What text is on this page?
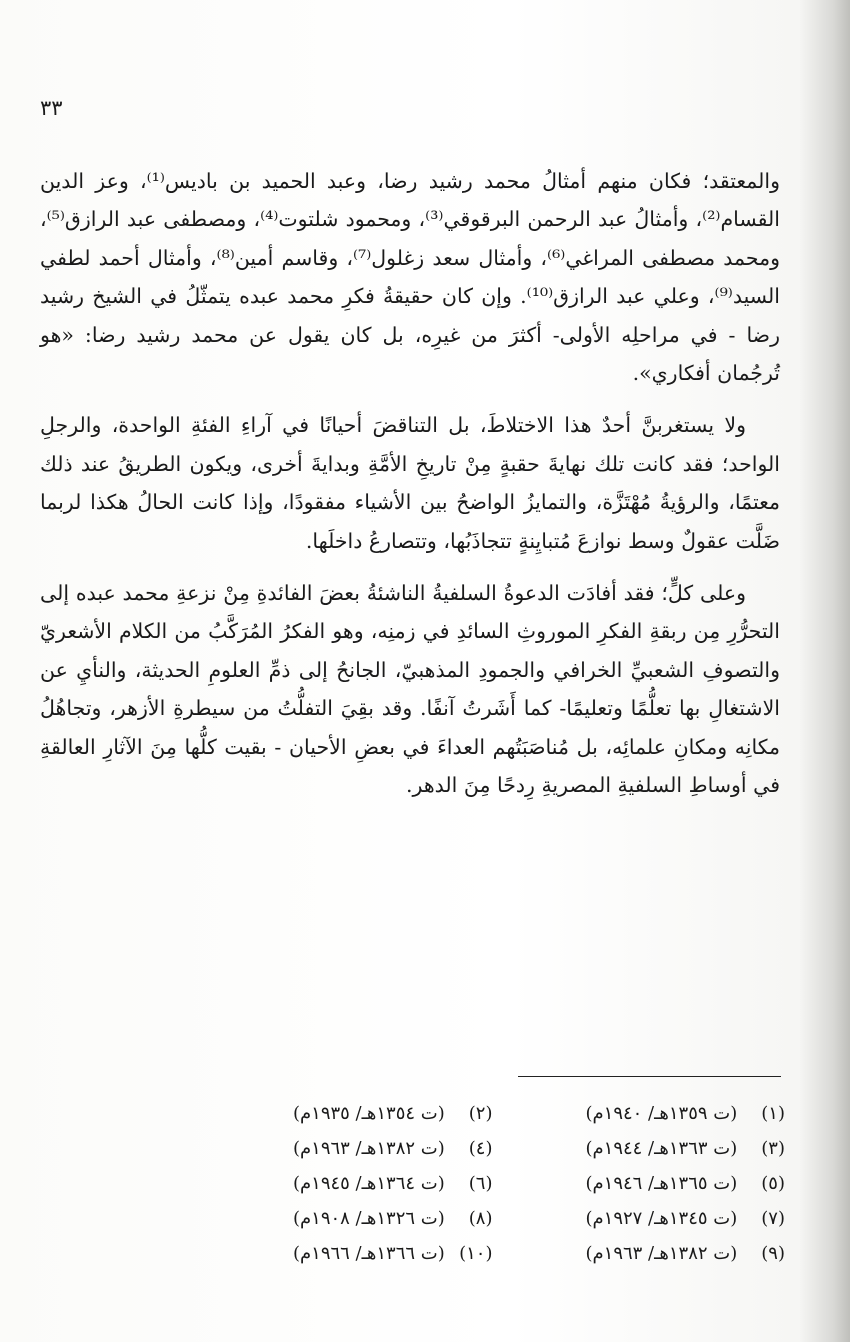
٣٣

والمعتقد؛ فكان منهم أمثالُ محمد رشيد رضا، وعبد الحميد بن باديس⁽¹⁾، وعز الدين القسام⁽²⁾، وأمثالُ عبد الرحمن البرقوقي⁽³⁾، ومحمود شلتوت⁽⁴⁾، ومصطفى عبد الرازق⁽⁵⁾، ومحمد مصطفى المراغي⁽⁶⁾، وأمثال سعد زغلول⁽⁷⁾، وقاسم أمين⁽⁸⁾، وأمثال أحمد لطفي السيد⁽⁹⁾، وعلي عبد الرازق⁽¹⁰⁾. وإن كان حقيقةُ فكرِ محمد عبده يتمثّلُ في الشيخ رشيد رضا - في مراحلِه الأولى- أكثرَ من غيرِه، بل كان يقول عن محمد رشيد رضا: «هو تُرجُمان أفكاري».

ولا يستغربنَّ أحدٌ هذا الاختلاطَ، بل التناقضَ أحيانًا في آراءِ الفئةِ الواحدة، والرجلِ الواحد؛ فقد كانت تلك نهايةَ حقبةٍ مِنْ تاريخِ الأمَّةِ وبدايةَ أخرى، ويكون الطريقُ عند ذلك معتمًا، والرؤيةُ مُهْتَزَّة، والتمايزُ الواضحُ بين الأشياء مفقودًا، وإذا كانت الحالُ هكذا لربما ضَلَّت عقولٌ وسط نوازعَ مُتبايِنةٍ تتجاذَبُها، وتتصارعُ داخلَها.

وعلى كلٍّ؛ فقد أفادَت الدعوةُ السلفيةُ الناشئةُ بعضَ الفائدةِ مِنْ نزعةِ محمد عبده إلى التحرُّرِ مِن ربقةِ الفكرِ الموروثِ السائدِ في زمنِه، وهو الفكرُ المُرَكَّبُ من الكلام الأشعريّ والتصوفِ الشعبيِّ الخرافي والجمودِ المذهبيّ، الجانحُ إلى ذمِّ العلومِ الحديثة، والنأيِ عن الاشتغالِ بها تعلُّمًا وتعليمًا- كما أَشَرتُ آنفًا. وقد بقِيَ التفلُّتُ من سيطرةِ الأزهر، وتجاهُلُ مكانِه ومكانِ علمائِه، بل مُناصَبَتُهم العداءَ في بعضِ الأحيان - بقيت كلُّها مِنَ الآثارِ العالقةِ في أوساطِ السلفيةِ المصريةِ رِدحًا مِنَ الدهر.

(١) (ت ١٣٥٩هـ/ ١٩٤٠م)
(٢) (ت ١٣٥٤هـ/ ١٩٣٥م)
(٣) (ت ١٣٦٣هـ/ ١٩٤٤م)
(٤) (ت ١٣٨٢هـ/ ١٩٦٣م)
(٥) (ت ١٣٦٥هـ/ ١٩٤٦م)
(٦) (ت ١٣٦٤هـ/ ١٩٤٥م)
(٧) (ت ١٣٤٥هـ/ ١٩٢٧م)
(٨) (ت ١٣٢٦هـ/ ١٩٠٨م)
(٩) (ت ١٣٨٢هـ/ ١٩٦٣م)
(١٠) (ت ١٣٦٦هـ/ ١٩٦٦م)
